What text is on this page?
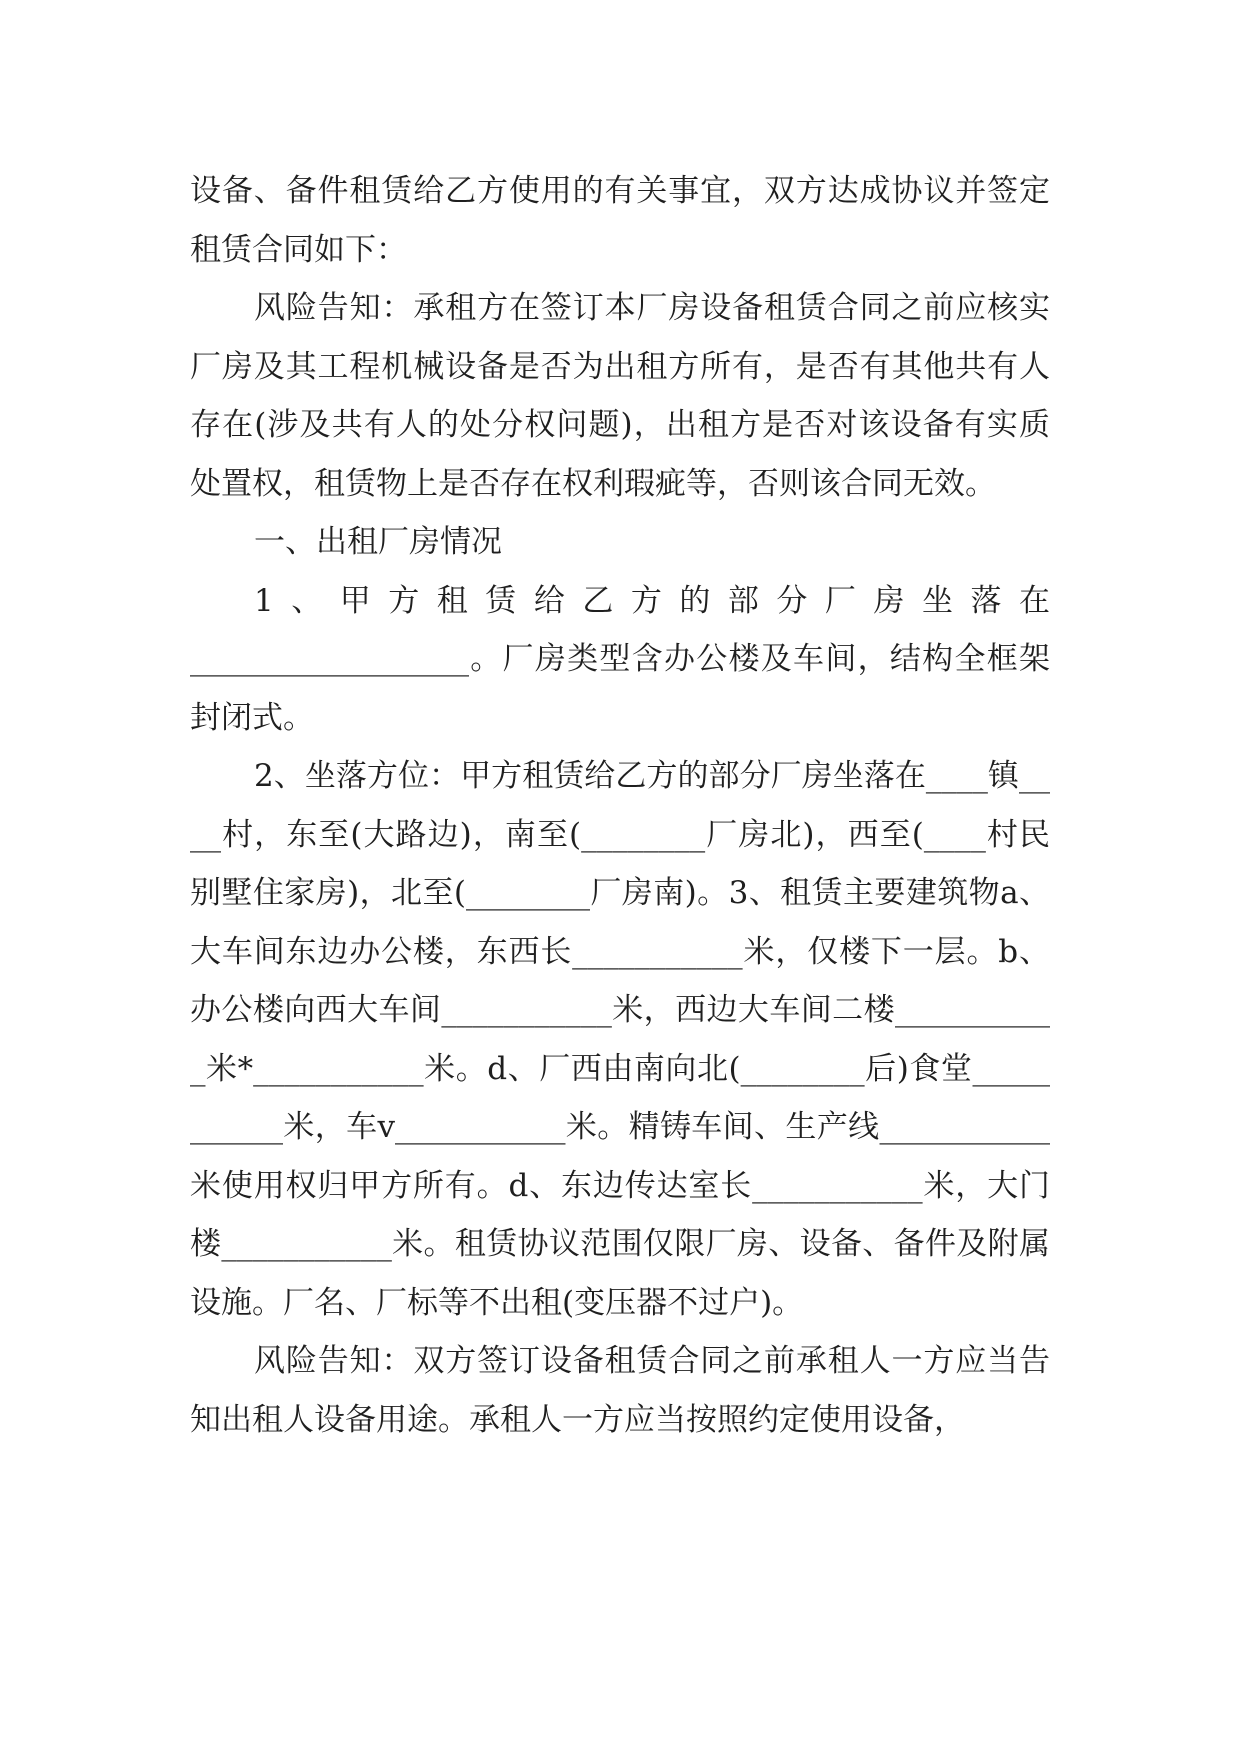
设备、备件租赁给乙方使用的有关事宜，双方达成协议并签定租赁合同如下：

风险告知：承租方在签订本厂房设备租赁合同之前应核实厂房及其工程机械设备是否为出租方所有，是否有其他共有人存在(涉及共有人的处分权问题)，出租方是否对该设备有实质处置权，租赁物上是否存在权利瑕疵等，否则该合同无效。

一、出租厂房情况

1、甲方租赁给乙方的部分厂房坐落在

__________________。厂房类型含办公楼及车间，结构全框架封闭式。

2、坐落方位：甲方租赁给乙方的部分厂房坐落在____镇____村，东至(大路边)，南至(________厂房北)，西至(____村民别墅住家房)，北至(________厂房南)。3、租赁主要建筑物a、大车间东边办公楼，东西长___________米，仅楼下一层。b、办公楼向西大车间___________米，西边大车间二楼___________米*___________米。d、厂西由南向北(________后)食堂___________米，车v___________米。精铸车间、生产线___________米使用权归甲方所有。d、东边传达室长___________米，大门楼___________米。租赁协议范围仅限厂房、设备、备件及附属设施。厂名、厂标等不出租(变压器不过户)。

风险告知：双方签订设备租赁合同之前承租人一方应当告知出租人设备用途。承租人一方应当按照约定使用设备，
